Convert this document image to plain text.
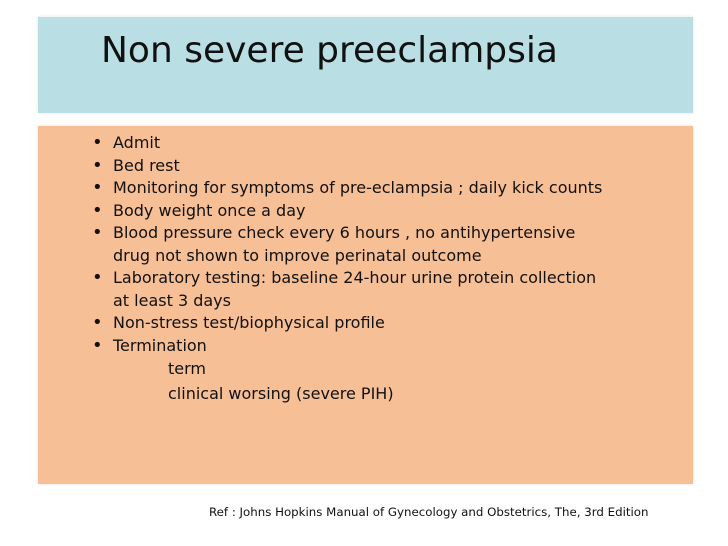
Non severe preeclampsia
• Admit
• Bed rest
• Monitoring for symptoms of pre-eclampsia ; daily kick counts
• Body weight once a day
• Blood pressure check every 6 hours , no antihypertensive
drug not shown to improve perinatal outcome
• Laboratory testing: baseline 24-hour urine protein collection
at least 3 days
• Non-stress test/biophysical profile
• Termination
term
clinical worsing (severe PIH)
Ref : Johns Hopkins Manual of Gynecology and Obstetrics, The, 3rd Edition
